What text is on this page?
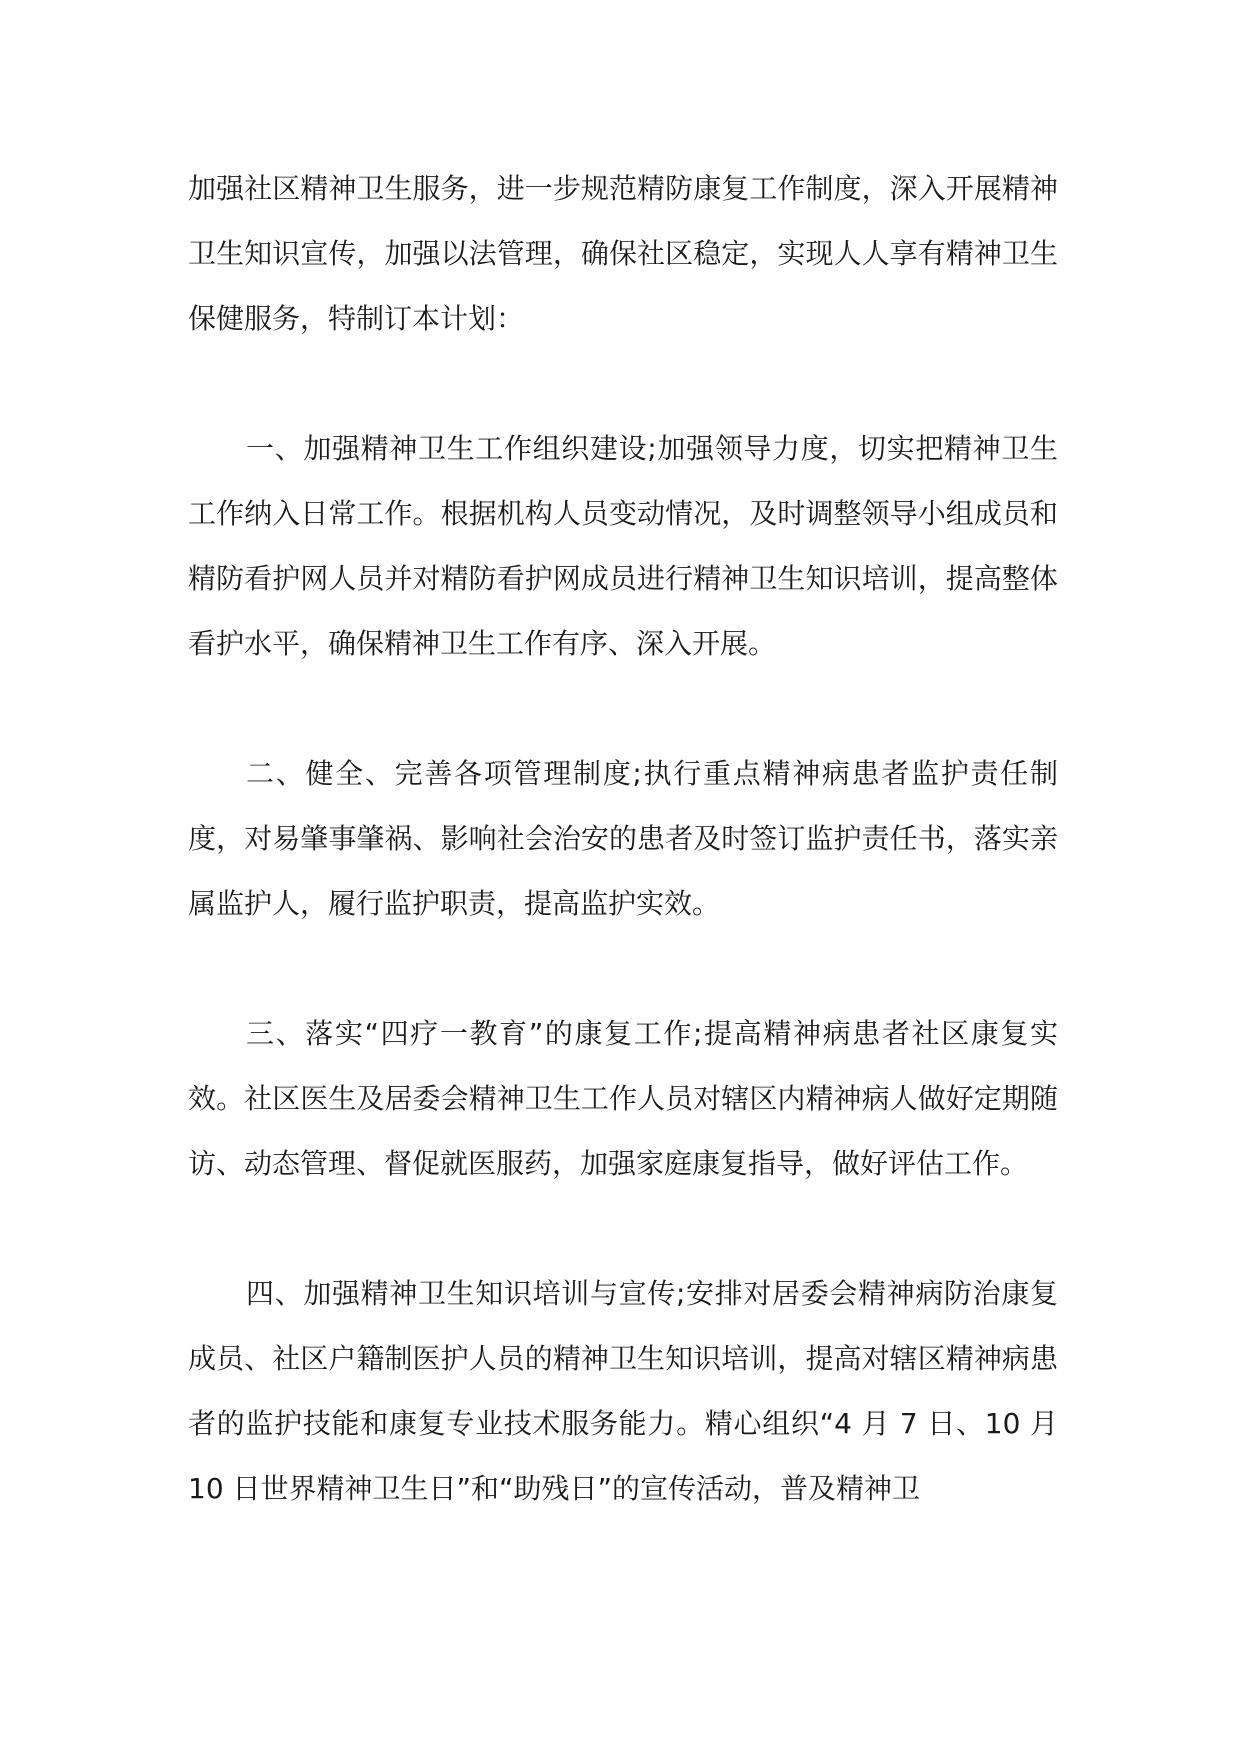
加强社区精神卫生服务，进一步规范精防康复工作制度，深入开展精神卫生知识宣传，加强以法管理，确保社区稳定，实现人人享有精神卫生保健服务，特制订本计划：

一、加强精神卫生工作组织建设;加强领导力度，切实把精神卫生工作纳入日常工作。根据机构人员变动情况，及时调整领导小组成员和精防看护网人员并对精防看护网成员进行精神卫生知识培训，提高整体看护水平，确保精神卫生工作有序、深入开展。

二、健全、完善各项管理制度;执行重点精神病患者监护责任制度，对易肇事肇祸、影响社会治安的患者及时签订监护责任书，落实亲属监护人，履行监护职责，提高监护实效。

三、落实“四疗一教育”的康复工作;提高精神病患者社区康复实效。社区医生及居委会精神卫生工作人员对辖区内精神病人做好定期随访、动态管理、督促就医服药，加强家庭康复指导，做好评估工作。

四、加强精神卫生知识培训与宣传;安排对居委会精神病防治康复成员、社区户籍制医护人员的精神卫生知识培训，提高对辖区精神病患者的监护技能和康复专业技术服务能力。精心组织“4 月 7 日、10 月 10 日世界精神卫生日”和“助残日”的宣传活动，普及精神卫
